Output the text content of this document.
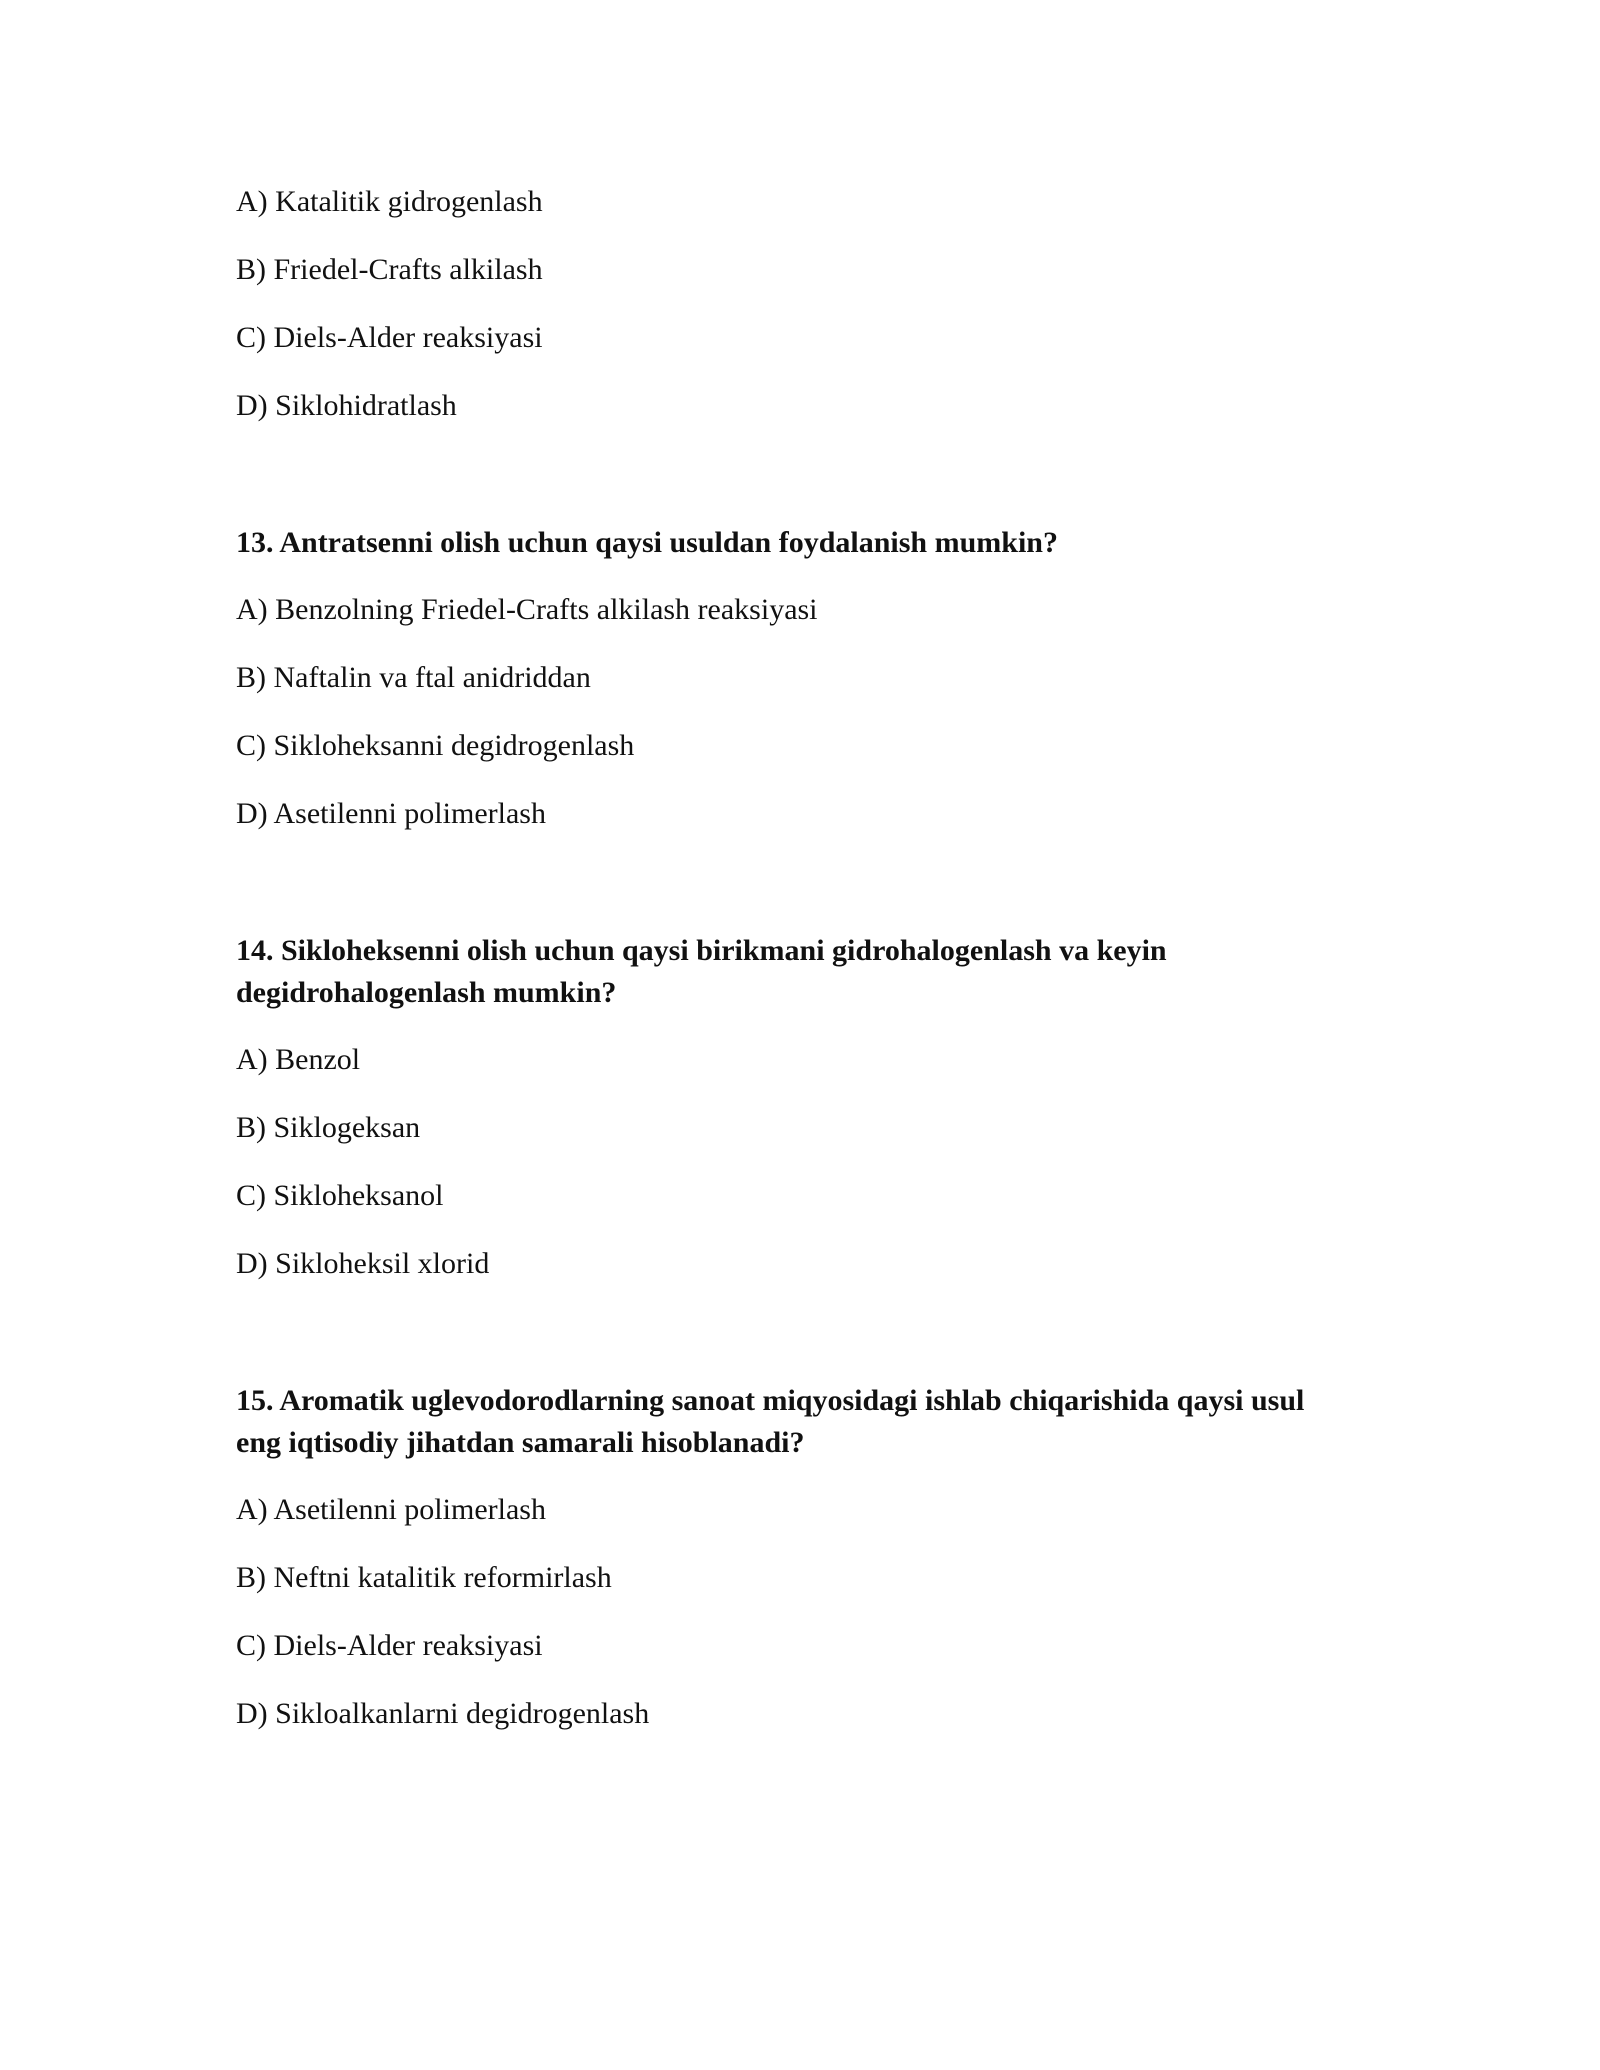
A) Katalitik gidrogenlash
B) Friedel-Crafts alkilash
C) Diels-Alder reaksiyasi
D) Siklohidratlash
13. Antratsenni olish uchun qaysi usuldan foydalanish mumkin?
A) Benzolning Friedel-Crafts alkilash reaksiyasi
B) Naftalin va ftal anidriddan
C) Sikloheksanni degidrogenlash
D) Asetilenni polimerlash
14. Sikloheksenni olish uchun qaysi birikmani gidrohalogenlash va keyin
degidrohalogenlash mumkin?
A) Benzol
B) Siklogeksan
C) Sikloheksanol
D) Sikloheksil xlorid
15. Aromatik uglevodorodlarning sanoat miqyosidagi ishlab chiqarishida qaysi usul
eng iqtisodiy jihatdan samarali hisoblanadi?
A) Asetilenni polimerlash
B) Neftni katalitik reformirlash
C) Diels-Alder reaksiyasi
D) Sikloalkanlarni degidrogenlash
